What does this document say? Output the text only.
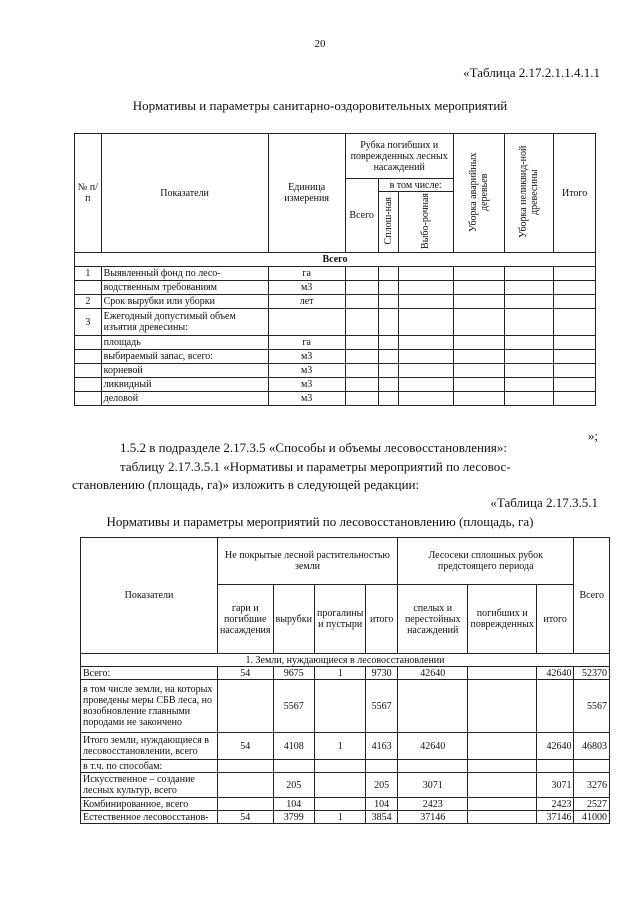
20
«Таблица 2.17.2.1.1.4.1.1
Нормативы и параметры санитарно-оздоровительных мероприятий
№ п/п	Показатели	Единица измерения	Рубка погибших и поврежденных лесных насаждений			Уборка аварийных деревьев	Уборка неликвид-ной древесины	Итого
			Всего	в том числе:				
				Сплош-ная	Выбо-рочная			
Всего								
1	Выявленный фонд по лесо-	га						
	водственным требованиям	м3						
2	Срок вырубки или уборки	лет						
3	Ежегодный допустимый объем изъятия древесины:							
	площадь	га						
	выбираемый запас, всего:	м3						
	корневой	м3						
	ликвидный	м3						
	деловой	м3						
»;
1.5.2 в подразделе 2.17.3.5 «Способы и объемы лесовосстановления»:
таблицу 2.17.3.5.1 «Нормативы и параметры мероприятий по лесовос-
становлению (площадь, га)» изложить в следующей редакции:
«Таблица 2.17.3.5.1
Нормативы и параметры мероприятий по лесовосстановлению (площадь, га)
Показатели	Не покрытые лесной растительностью земли				Лесосеки сплошных рубок предстоящего периода			Всего
	гари и погибшие насаждения	вырубки	прогалины и пустыри	итого	спелых и перестойных насаждений	погибших и поврежденных	итого	
1. Земли, нуждающиеся в лесовосстановлении								
Всего:	54	9675	1	9730	42640		42640	52370
в том числе земли, на которых проведены меры СБВ леса, но возобновление главными породами не закончено		5567		5567				5567
Итого земли, нуждающиеся в лесовосстановлении, всего	54	4108	1	4163	42640		42640	46803
в т.ч. по способам:								
Искусственное – создание лесных культур, всего		205		205	3071		3071	3276
Комбинированное, всего		104		104	2423		2423	2527
Естественное лесовосстанов-	54	3799	1	3854	37146		37146	41000
